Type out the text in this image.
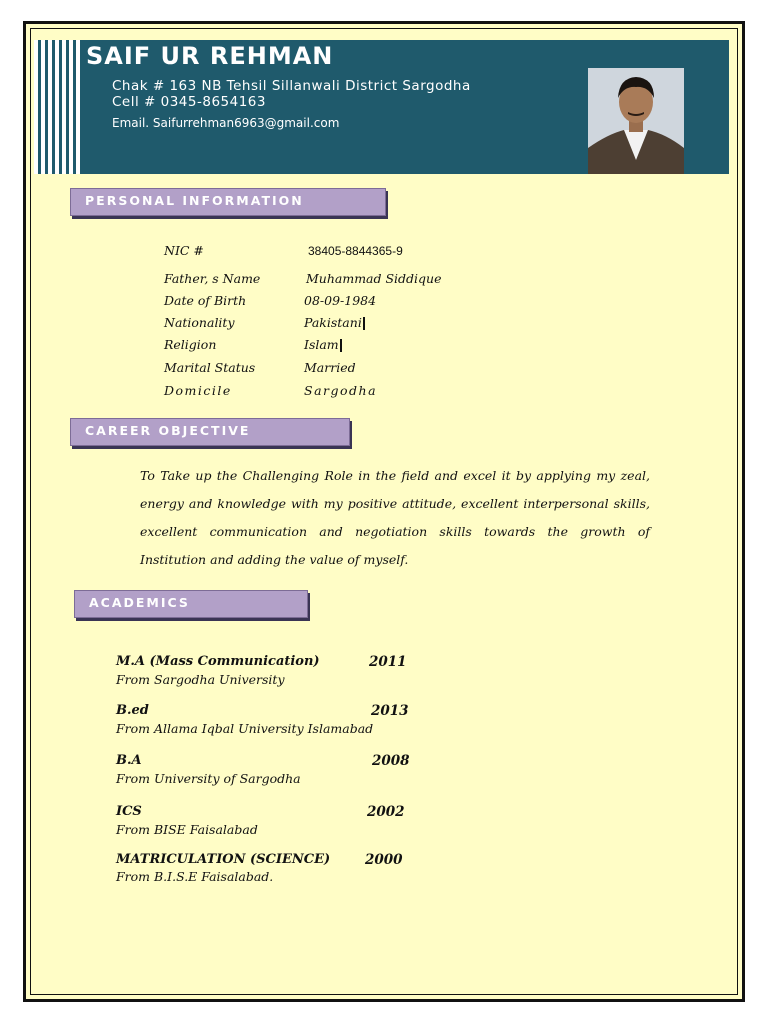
SAIF UR REHMAN
Chak # 163 NB Tehsil Sillanwali District Sargodha
Cell # 0345-8654163
Email. Saifurrehman6963@gmail.com
PERSONAL INFORMATION
NIC #	38405-8844365-9
Father, s Name	Muhammad Siddique
Date of Birth	08-09-1984
Nationality	Pakistani
Religion	Islam
Marital Status	Married
Domicile	Sargodha
CAREER OBJECTIVE
To Take up the Challenging Role in the field and excel it by applying my zeal, energy and knowledge with my positive attitude, excellent interpersonal skills, excellent communication and negotiation skills towards the growth of Institution and adding the value of myself.
ACADEMICS
M.A (Mass Communication)	2011
From Sargodha University
B.ed	2013
From Allama Iqbal University Islamabad
B.A	2008
From University of Sargodha
ICS	2002
From BISE Faisalabad
MATRICULATION (SCIENCE)	2000
From B.I.S.E Faisalabad.
